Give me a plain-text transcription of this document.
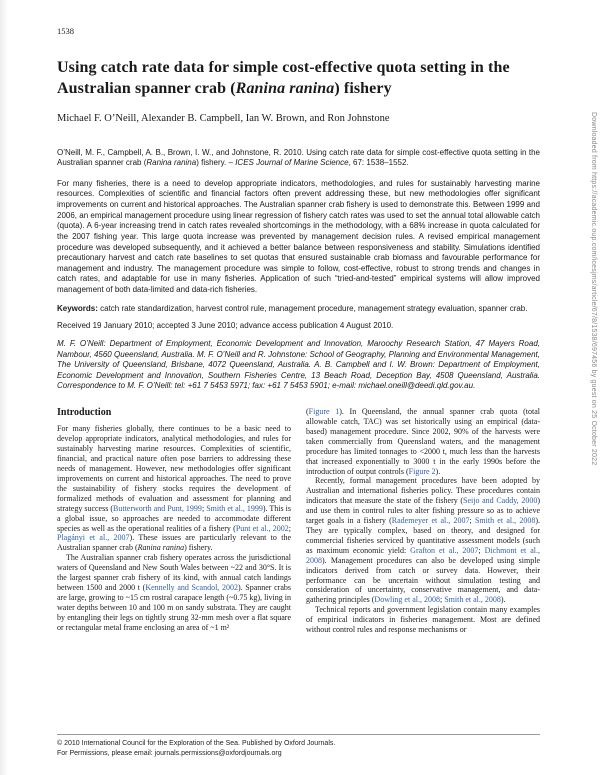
1538
Using catch rate data for simple cost-effective quota setting in the Australian spanner crab (Ranina ranina) fishery
Michael F. O’Neill, Alexander B. Campbell, Ian W. Brown, and Ron Johnstone

O’Neill, M. F., Campbell, A. B., Brown, I. W., and Johnstone, R. 2010. Using catch rate data for simple cost-effective quota setting in the Australian spanner crab (Ranina ranina) fishery. – ICES Journal of Marine Science, 67: 1538–1552.

For many fisheries, there is a need to develop appropriate indicators, methodologies, and rules for sustainably harvesting marine resources. Complexities of scientific and financial factors often prevent addressing these, but new methodologies offer significant improvements on current and historical approaches. The Australian spanner crab fishery is used to demonstrate this. Between 1999 and 2006, an empirical management procedure using linear regression of fishery catch rates was used to set the annual total allowable catch (quota). A 6-year increasing trend in catch rates revealed shortcomings in the methodology, with a 68% increase in quota calculated for the 2007 fishing year. This large quota increase was prevented by management decision rules. A revised empirical management procedure was developed subsequently, and it achieved a better balance between responsiveness and stability. Simulations identified precautionary harvest and catch rate baselines to set quotas that ensured sustainable crab biomass and favourable performance for management and industry. The management procedure was simple to follow, cost-effective, robust to strong trends and changes in catch rates, and adaptable for use in many fisheries. Application of such “tried-and-tested” empirical systems will allow improved management of both data-limited and data-rich fisheries.

Keywords: catch rate standardization, harvest control rule, management procedure, management strategy evaluation, spanner crab.

Received 19 January 2010; accepted 3 June 2010; advance access publication 4 August 2010.

M. F. O’Neill: Department of Employment, Economic Development and Innovation, Maroochy Research Station, 47 Mayers Road, Nambour, 4560 Queensland, Australia. M. F. O’Neill and R. Johnstone: School of Geography, Planning and Environmental Management, The University of Queensland, Brisbane, 4072 Queensland, Australia. A. B. Campbell and I. W. Brown: Department of Employment, Economic Development and Innovation, Southern Fisheries Centre, 13 Beach Road, Deception Bay, 4508 Queensland, Australia. Correspondence to M. F. O’Neill: tel: +61 7 5453 5971; fax: +61 7 5453 5901; e-mail: michael.oneill@deedi.qld.gov.au.

Introduction

For many fisheries globally, there continues to be a basic need to develop appropriate indicators, analytical methodologies, and rules for sustainably harvesting marine resources. Complexities of scientific, financial, and practical nature often pose barriers to addressing these needs of management. However, new methodologies offer significant improvements on current and historical approaches. The need to prove the sustainability of fishery stocks requires the development of formalized methods of evaluation and assessment for planning and strategy success (Butterworth and Punt, 1999; Smith et al., 1999). This is a global issue, so approaches are needed to accommodate different species as well as the operational realities of a fishery (Punt et al., 2002; Plagányi et al., 2007). These issues are particularly relevant to the Australian spanner crab (Ranina ranina) fishery.

The Australian spanner crab fishery operates across the jurisdictional waters of Queensland and New South Wales between ~22 and 30°S. It is the largest spanner crab fishery of its kind, with annual catch landings between 1500 and 2000 t (Kennelly and Scandol, 2002). Spanner crabs are large, growing to ~15 cm rostral carapace length (~0.75 kg), living in water depths between 10 and 100 m on sandy substrata. They are caught by entangling their legs on tightly strung 32-mm mesh over a flat square or rectangular metal frame enclosing an area of ~1 m²

(Figure 1). In Queensland, the annual spanner crab quota (total allowable catch, TAC) was set historically using an empirical (data-based) management procedure. Since 2002, 90% of the harvests were taken commercially from Queensland waters, and the management procedure has limited tonnages to <2000 t, much less than the harvests that increased exponentially to 3000 t in the early 1990s before the introduction of output controls (Figure 2).

Recently, formal management procedures have been adopted by Australian and international fisheries policy. These procedures contain indicators that measure the state of the fishery (Seijo and Caddy, 2000) and use them in control rules to alter fishing pressure so as to achieve target goals in a fishery (Rademeyer et al., 2007; Smith et al., 2008). They are typically complex, based on theory, and designed for commercial fisheries serviced by quantitative assessment models (such as maximum economic yield: Grafton et al., 2007; Dichmont et al., 2008). Management procedures can also be developed using simple indicators derived from catch or survey data. However, their performance can be uncertain without simulation testing and consideration of uncertainty, conservative management, and data-gathering principles (Dowling et al., 2008; Smith et al., 2008).

Technical reports and government legislation contain many examples of empirical indicators in fisheries management. Most are defined without control rules and response mechanisms or

© 2010 International Council for the Exploration of the Sea. Published by Oxford Journals.
For Permissions, please email: journals.permissions@oxfordjournals.org
Downloaded from https://academic.oup.com/icesjms/article/67/8/1538/697456 by guest on 25 October 2022
